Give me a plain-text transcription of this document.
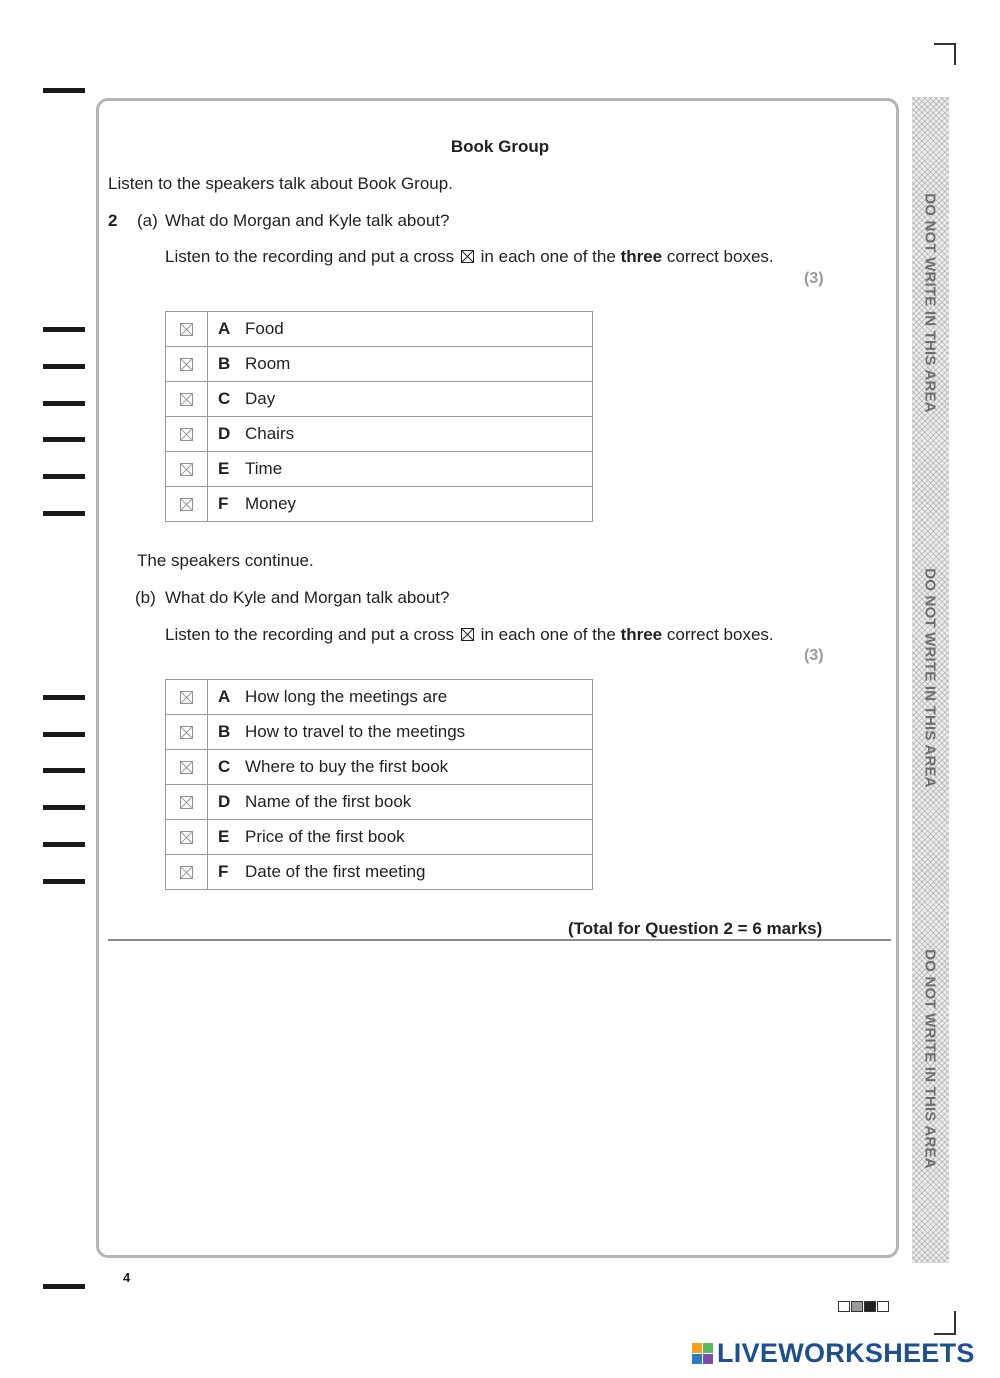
DO NOT WRITE IN THIS AREA
DO NOT WRITE IN THIS AREA
DO NOT WRITE IN THIS AREA
Book Group
Listen to the speakers talk about Book Group.
2 (a) What do Morgan and Kyle talk about?
Listen to the recording and put a cross ☒ in each one of the three correct boxes.
(3)
	A Food
	B Room
	C Day
	D Chairs
	E Time
	F Money
The speakers continue.
(b) What do Kyle and Morgan talk about?
Listen to the recording and put a cross ☒ in each one of the three correct boxes.
(3)
	A How long the meetings are
	B How to travel to the meetings
	C Where to buy the first book
	D Name of the first book
	E Price of the first book
	F Date of the first meeting
(Total for Question 2 = 6 marks)
4
LIVEWORKSHEETS
